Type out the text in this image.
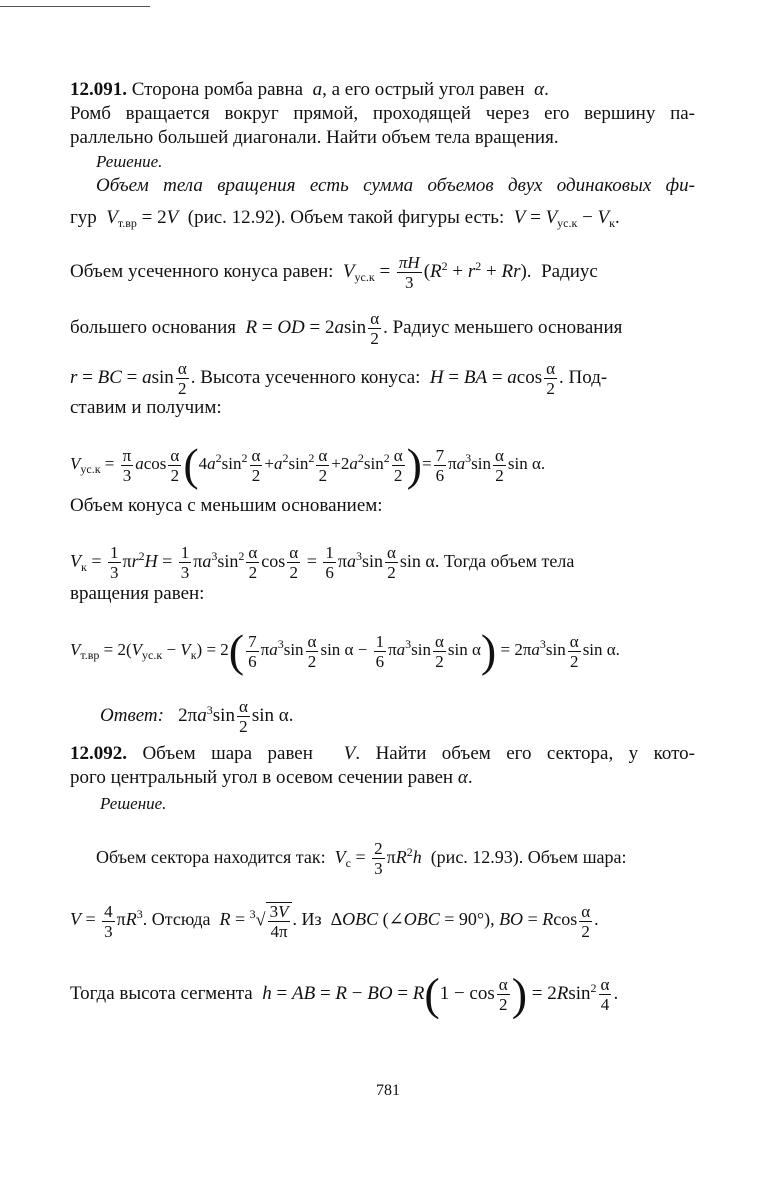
12.091. Сторона ромба равна  a, а его острый угол равен  α.
Ромб вращается вокруг прямой, проходящей через его вершину па-
раллельно большей диагонали. Найти объем тела вращения.
Решение.
Объем тела вращения есть сумма объемов двух одинаковых фи-
гур  $V_{т.вр} = 2V$ (рис. 12.92). Объем такой фигуры есть:  $V = V_{ус.к} - V_к$.
Объем усеченного конуса равен: $V_{ус.к} = \frac{\pi H}{3} (R^2 + r^2 + Rr)$.  Радиус
большего основания R = OD = $2asin \frac{\alpha}{2}$ . Радиус меньшего основания
r = BC = asin $\frac{\alpha}{2}$ . Высота усеченного конуса: H = BA = acos $\frac{\alpha}{2}$ . Под-
ставим и получим:
$V_{ус.к} = \frac{\pi}{3}$ acos $\frac{\alpha}{2} (4a^2\sin^2 \frac{\alpha}{2} +a^2\sin^2 \frac{\alpha}{2} +2a^2\sin^2 \frac{\alpha}{2}$ )= $\frac{7}{6} \pi a^3\sin \frac{\alpha}{2}$ sin α.
Объем конуса с меньшим основанием:
$V_к = \frac{1}{3} \pi r^2H = \frac{1}{3} \pi a^3\sin^2 \frac{\alpha}{2}$ $\cos \frac{\alpha}{2} = \frac{1}{6} \pi a^3\sin \frac{\alpha}{2}$ sin α. Тогда объем тела
вращения равен:
$V_{т.вр} = 2(V_{ус.к} - V_к) = 2( \frac{7}{6} \pi a^3\sin \frac{\alpha}{2}$ $\sin \alpha - \frac{1}{6} \pi a^3\sin \frac{\alpha}{2}$ $\sin \alpha) = 2\pi a^3\sin \frac{\alpha}{2}$ sin α.
Ответ:   $2\pi a^3\sin \frac{\alpha}{2}$ sin α.
12.092. Объем шара равен  V. Найти объем его сектора, у кото-
рого центральный угол в осевом сечении равен α.
Решение.
Объем сектора находится так: $V_с = \frac{2}{3} \pi R^2h$ (рис. 12.93). Объем шара:
$V = \frac{4}{3} \pi R^3$. Отсюда $R = ^3√ \frac{3V}{4\pi}$ . Из  ΔOBC (∠OBC = 90°), BO = Rcos $\frac{\alpha}{2}$ .
Тогда высота сегмента h = AB = R − BO = $R(1 - \cos \frac{\alpha}{2}$ ) = $2Rsin^2 \frac{\alpha}{4}$ .
781
